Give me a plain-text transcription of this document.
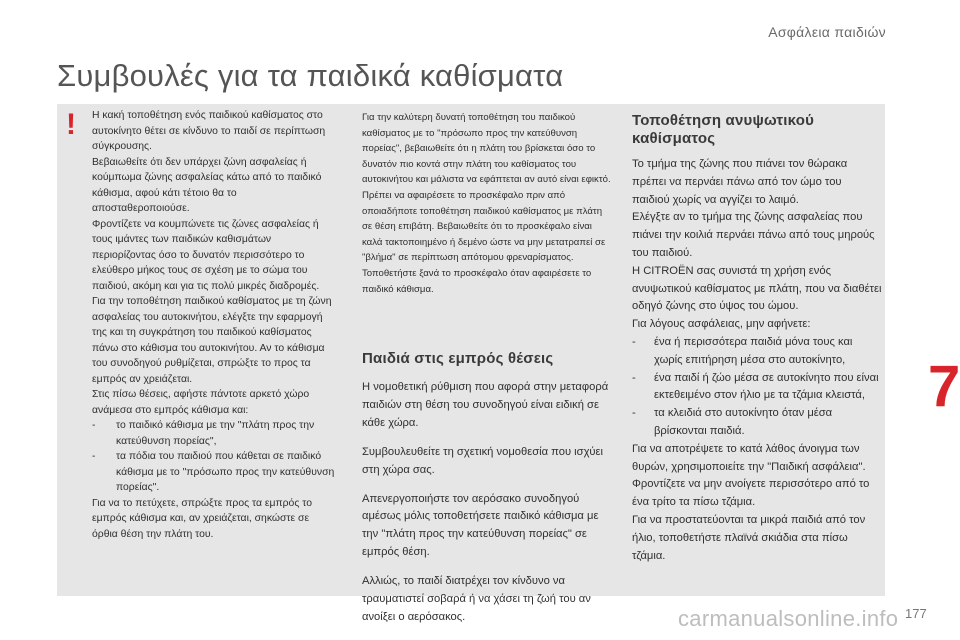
Ασφάλεια παιδιών
Συμβουλές για τα παιδικά καθίσματα
! Η κακή τοποθέτηση ενός παιδικού καθίσματος στο αυτοκίνητο θέτει σε κίνδυνο το παιδί σε περίπτωση σύγκρουσης.

Βεβαιωθείτε ότι δεν υπάρχει ζώνη ασφαλείας ή κούμπωμα ζώνης ασφαλείας κάτω από το παιδικό κάθισμα, αφού κάτι τέτοιο θα το αποσταθεροποιούσε.

Φροντίζετε να κουμπώνετε τις ζώνες ασφαλείας ή τους ιμάντες των παιδικών καθισμάτων περιορίζοντας όσο το δυνατόν περισσότερο το ελεύθερο μήκος τους σε σχέση με το σώμα του παιδιού, ακόμη και για τις πολύ μικρές διαδρομές.

Για την τοποθέτηση παιδικού καθίσματος με τη ζώνη ασφαλείας του αυτοκινήτου, ελέγξτε την εφαρμογή της και τη συγκράτηση του παιδικού καθίσματος πάνω στο κάθισμα του αυτοκινήτου. Αν το κάθισμα του συνοδηγού ρυθμίζεται, σπρώξτε το προς τα εμπρός αν χρειάζεται.

Στις πίσω θέσεις, αφήστε πάντοτε αρκετό χώρο ανάμεσα στο εμπρός κάθισμα και:

- το παιδικό κάθισμα με την "πλάτη προς την κατεύθυνση πορείας",

- τα πόδια του παιδιού που κάθεται σε παιδικό κάθισμα με το "πρόσωπο προς την κατεύθυνση πορείας".

Για να το πετύχετε, σπρώξτε προς τα εμπρός το εμπρός κάθισμα και, αν χρειάζεται, σηκώστε σε όρθια θέση την πλάτη του.

Για την καλύτερη δυνατή τοποθέτηση του παιδικού καθίσματος με το "πρόσωπο προς την κατεύθυνση πορείας", βεβαιωθείτε ότι η πλάτη του βρίσκεται όσο το δυνατόν πιο κοντά στην πλάτη του καθίσματος του αυτοκινήτου και μάλιστα να εφάπτεται αν αυτό είναι εφικτό.

Πρέπει να αφαιρέσετε το προσκέφαλο πριν από οποιαδήποτε τοποθέτηση παιδικού καθίσματος με πλάτη σε θέση επιβάτη. Βεβαιωθείτε ότι το προσκέφαλο είναι καλά τακτοποιημένο ή δεμένο ώστε να μην μετατραπεί σε "βλήμα" σε περίπτωση απότομου φρεναρίσματος. Τοποθετήστε ξανά το προσκέφαλο όταν αφαιρέσετε το παιδικό κάθισμα.

Παιδιά στις εμπρός θέσεις

Η νομοθετική ρύθμιση που αφορά στην μεταφορά παιδιών στη θέση του συνοδηγού είναι ειδική σε κάθε χώρα.

Συμβουλευθείτε τη σχετική νομοθεσία που ισχύει στη χώρα σας.

Απενεργοποιήστε τον αερόσακο συνοδηγού αμέσως μόλις τοποθετήσετε παιδικό κάθισμα με την "πλάτη προς την κατεύθυνση πορείας" σε εμπρός θέση.

Αλλιώς, το παιδί διατρέχει τον κίνδυνο να τραυματιστεί σοβαρά ή να χάσει τη ζωή του αν ανοίξει ο αερόσακος.

Τοποθέτηση ανυψωτικού καθίσματος

Το τμήμα της ζώνης που πιάνει τον θώρακα πρέπει να περνάει πάνω από τον ώμο του παιδιού χωρίς να αγγίζει το λαιμό.

Ελέγξτε αν το τμήμα της ζώνης ασφαλείας που πιάνει την κοιλιά περνάει πάνω από τους μηρούς του παιδιού.

Η CITROËN σας συνιστά τη χρήση ενός ανυψωτικού καθίσματος με πλάτη, που να διαθέτει οδηγό ζώνης στο ύψος του ώμου.

Για λόγους ασφάλειας, μην αφήνετε:

- ένα ή περισσότερα παιδιά μόνα τους και χωρίς επιτήρηση μέσα στο αυτοκίνητο,

- ένα παιδί ή ζώο μέσα σε αυτοκίνητο που είναι εκτεθειμένο στον ήλιο με τα τζάμια κλειστά,

- τα κλειδιά στο αυτοκίνητο όταν μέσα βρίσκονται παιδιά.

Για να αποτρέψετε το κατά λάθος άνοιγμα των θυρών, χρησιμοποιείτε την "Παιδική ασφάλεια".

Φροντίζετε να μην ανοίγετε περισσότερο από το ένα τρίτο τα πίσω τζάμια.

Για να προστατεύονται τα μικρά παιδιά από τον ήλιο, τοποθετήστε πλαϊνά σκιάδια στα πίσω τζάμια.

7
carmanualsonline.info 177
